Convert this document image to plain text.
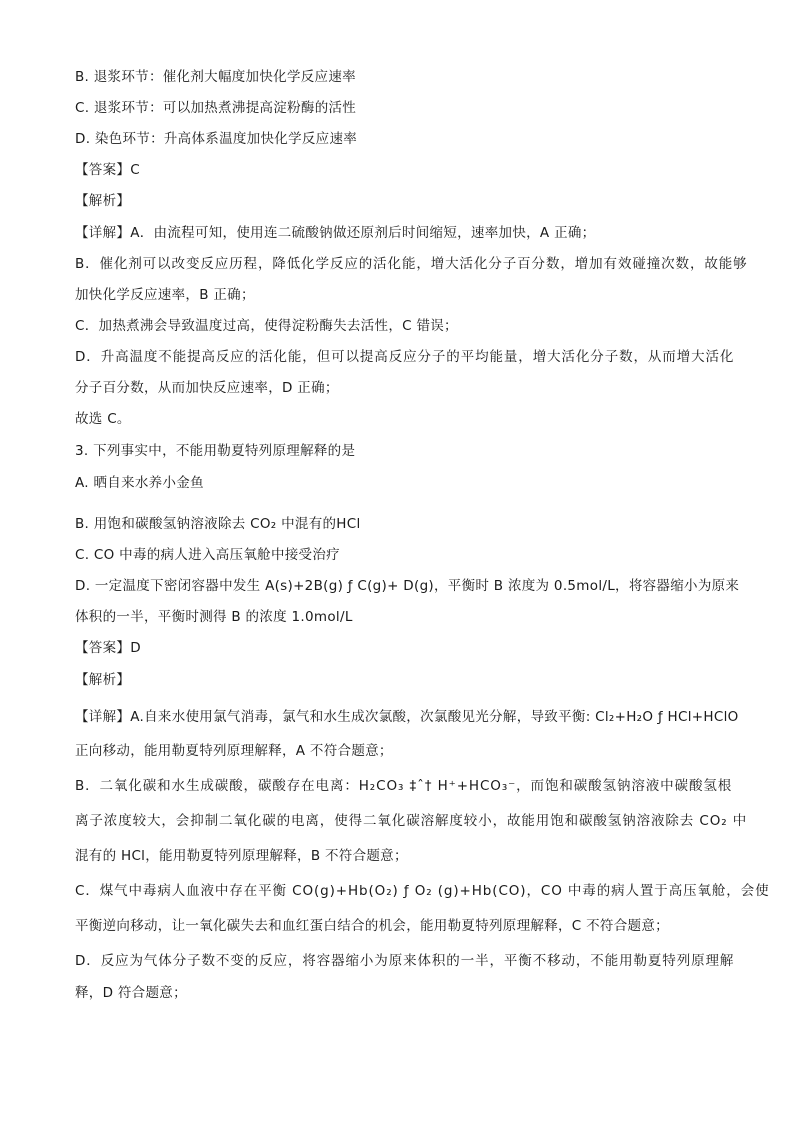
B. 退浆环节：催化剂大幅度加快化学反应速率
C. 退浆环节：可以加热煮沸提高淀粉酶的活性
D. 染色环节：升高体系温度加快化学反应速率
【答案】C
【解析】
【详解】A．由流程可知，使用连二硫酸钠做还原剂后时间缩短，速率加快，A 正确；
B．催化剂可以改变反应历程，降低化学反应的活化能，增大活化分子百分数，增加有效碰撞次数，故能够
加快化学反应速率，B 正确；
C．加热煮沸会导致温度过高，使得淀粉酶失去活性，C 错误；
D．升高温度不能提高反应的活化能，但可以提高反应分子的平均能量，增大活化分子数，从而增大活化
分子百分数，从而加快反应速率，D 正确；
故选 C。
3. 下列事实中，不能用勒夏特列原理解释的是
A. 晒自来水养小金鱼
B. 用饱和碳酸氢钠溶液除去 CO₂ 中混有的HCl
C. CO 中毒的病人进入高压氧舱中接受治疗
D. 一定温度下密闭容器中发生 A(s)+2B(g) ƒ C(g)+ D(g)，平衡时 B 浓度为 0.5mol/L，将容器缩小为原来
体积的一半，平衡时测得 B 的浓度 1.0mol/L
【答案】D
【解析】
【详解】A.自来水使用氯气消毒，氯气和水生成次氯酸，次氯酸见光分解，导致平衡: Cl₂+H₂O ƒ HCl+HClO
正向移动，能用勒夏特列原理解释，A 不符合题意；
B．二氧化碳和水生成碳酸，碳酸存在电离：H₂CO₃ ‡ˆ† H⁺+HCO₃⁻，而饱和碳酸氢钠溶液中碳酸氢根
离子浓度较大，会抑制二氧化碳的电离，使得二氧化碳溶解度较小，故能用饱和碳酸氢钠溶液除去 CO₂ 中
混有的 HCl，能用勒夏特列原理解释，B 不符合题意；
C．煤气中毒病人血液中存在平衡 CO(g)+Hb(O₂) ƒ O₂ (g)+Hb(CO)，CO 中毒的病人置于高压氧舱，会使
平衡逆向移动，让一氧化碳失去和血红蛋白结合的机会，能用勒夏特列原理解释，C 不符合题意；
D．反应为气体分子数不变的反应，将容器缩小为原来体积的一半，平衡不移动，不能用勒夏特列原理解
释，D 符合题意；
